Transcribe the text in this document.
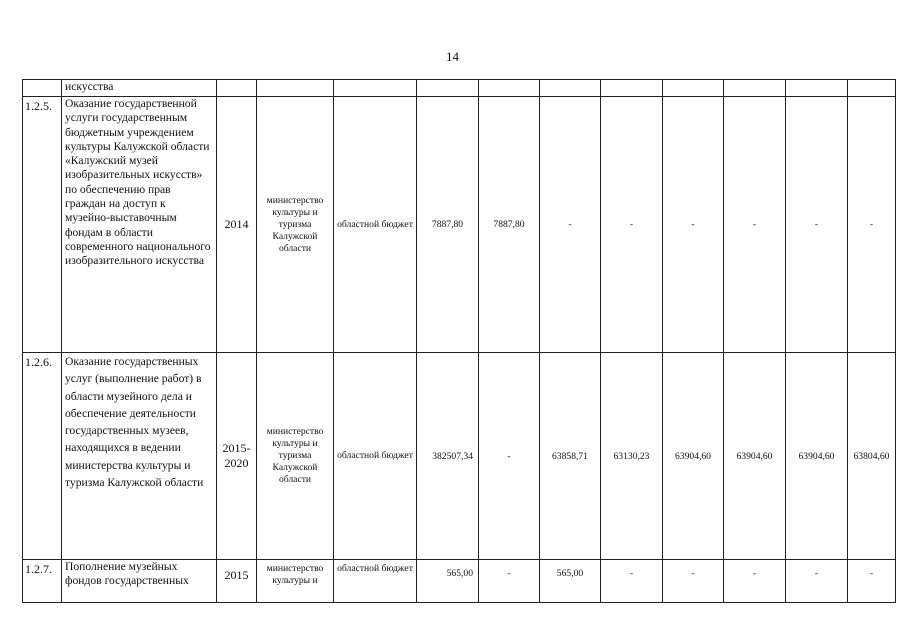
14
	искусства											
1.2.5.	Оказание государственной услуги государственным бюджетным учреждением культуры Калужской области «Калужский музей изобразительных искусств» по обеспечению прав граждан на доступ к музейно-выставочным фондам в области современного национального изобразительного искусства	2014	министерство культуры и туризма Калужской области	областной бюджет	7887,80	7887,80	-	-	-	-	-	-
1.2.6.	Оказание государственных услуг (выполнение работ) в области музейного дела и обеспечение деятельности государственных музеев, находящихся в ведении министерства культуры и туризма Калужской области	2015-2020	министерство культуры и туризма Калужской области	областной бюджет	382507,34	-	63858,71	63130,23	63904,60	63904,60	63904,60	63804,60
1.2.7.	Пополнение музейных фондов государственных	2015	министерство культуры и	областной бюджет	565,00	-	565,00	-	-	-	-	-
